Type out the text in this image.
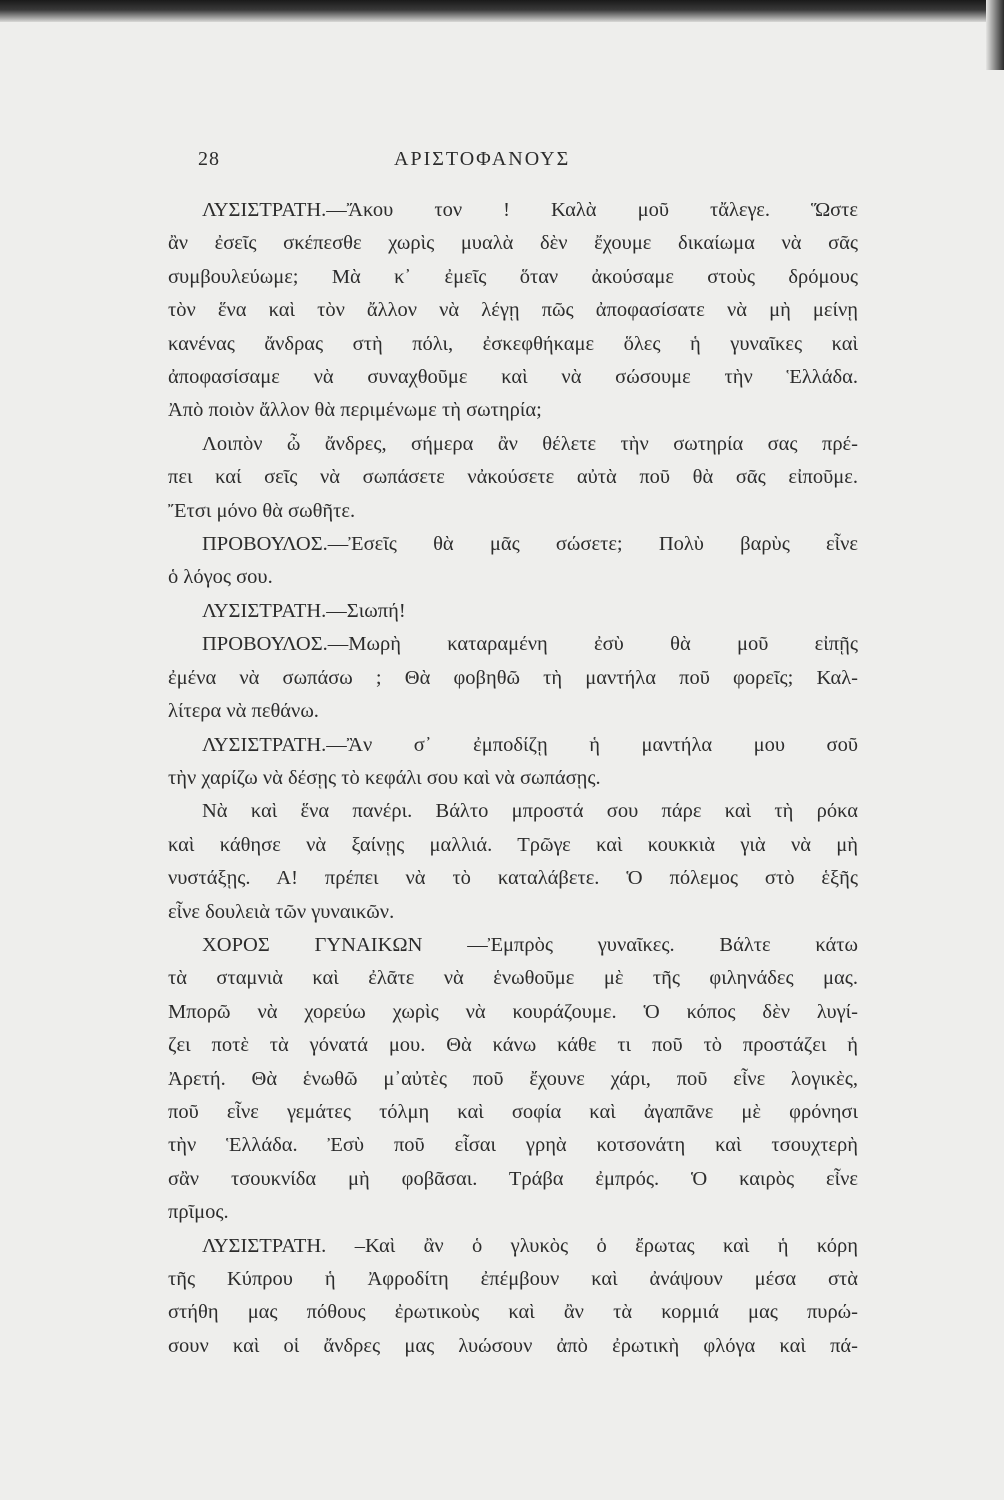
28	ΑΡΙΣΤΟΦΑΝΟΥΣ
ΛΥΣΙΣΤΡΑΤΗ.—Ἄκου τον ! Καλὰ μοῦ τἄλεγε. Ὥστε
ἂν ἐσεῖς σκέπεσθε χωρὶς μυαλὰ δὲν ἔχουμε δικαίωμα νὰ σᾶς
συμβουλεύωμε; Μὰ κ᾽ ἐμεῖς ὅταν ἀκούσαμε στοὺς δρόμους
τὸν ἕνα καὶ τὸν ἄλλον νὰ λέγῃ πῶς ἀποφασίσατε νὰ μὴ μείνῃ
κανένας ἄνδρας στὴ πόλι, ἐσκεφθήκαμε ὅλες ἡ γυναῖκες καὶ
ἀποφασίσαμε νὰ συναχθοῦμε καὶ νὰ σώσουμε τὴν Ἑλλάδα.
Ἀπὸ ποιὸν ἄλλον θὰ περιμένωμε τὴ σωτηρία;
Λοιπὸν ὦ ἄνδρες, σήμερα ἂν θέλετε τὴν σωτηρία σας πρέ-
πει καί σεῖς νὰ σωπάσετε νἀκούσετε αὐτὰ ποῦ θὰ σᾶς εἰποῦμε.
Ἔτσι μόνο θὰ σωθῆτε.
ΠΡΟΒΟΥΛΟΣ.—Ἐσεῖς θὰ μᾶς σώσετε; Πολὺ βαρὺς εἶνε
ὁ λόγος σου.
ΛΥΣΙΣΤΡΑΤΗ.—Σιωπή!
ΠΡΟΒΟΥΛΟΣ.—Μωρὴ καταραμένη ἐσὺ θὰ μοῦ εἰπῇς
ἐμένα νὰ σωπάσω ; Θὰ φοβηθῶ τὴ μαντήλα ποῦ φορεῖς; Καλ-
λίτερα νὰ πεθάνω.
ΛΥΣΙΣΤΡΑΤΗ.—Ἂν σ᾽ ἐμποδίζῃ ἡ μαντήλα μου σοῦ
τὴν χαρίζω νὰ δέσῃς τὸ κεφάλι σου καὶ νὰ σωπάσῃς.
Νὰ καὶ ἕνα πανέρι. Βάλτο μπροστά σου πάρε καὶ τὴ ρόκα
καὶ κάθησε νὰ ξαίνῃς μαλλιά. Τρῶγε καὶ κουκκιὰ γιὰ νὰ μὴ
νυστάξῃς. Α! πρέπει νὰ τὸ καταλάβετε. Ὁ πόλεμος στὸ ἑξῆς
εἶνε δουλειὰ τῶν γυναικῶν.
ΧΟΡΟΣ ΓΥΝΑΙΚΩΝ —Ἐμπρὸς γυναῖκες. Βάλτε κάτω
τὰ σταμνιὰ καὶ ἐλᾶτε νὰ ἑνωθοῦμε μὲ τῆς φιληνάδες μας.
Μπορῶ νὰ χορεύω χωρὶς νὰ κουράζουμε. Ὁ κόπος δὲν λυγί-
ζει ποτὲ τὰ γόνατά μου. Θὰ κάνω κάθε τι ποῦ τὸ προστάζει ἡ
Ἀρετή. Θὰ ἑνωθῶ μ᾽αὐτὲς ποῦ ἔχουνε χάρι, ποῦ εἶνε λογικὲς,
ποῦ εἶνε γεμάτες τόλμη καὶ σοφία καὶ ἀγαπᾶνε μὲ φρόνησι
τὴν Ἑλλάδα. Ἐσὺ ποῦ εἶσαι γρηὰ κοτσονάτη καὶ τσουχτερὴ
σἂν τσουκνίδα μὴ φοβᾶσαι. Τράβα ἐμπρός. Ὁ καιρὸς εἶνε
πρῖμος.
ΛΥΣΙΣΤΡΑΤΗ. –Καὶ ἂν ὁ γλυκὸς ὁ ἔρωτας καὶ ἡ κόρη
τῆς Κύπρου ἡ Ἀφροδίτη ἐπέμβουν καὶ ἀνάψουν μέσα στὰ
στήθη μας πόθους ἐρωτικοὺς καὶ ἂν τὰ κορμιά μας πυρώ-
σουν καὶ οἱ ἄνδρες μας λυώσουν ἀπὸ ἐρωτικὴ φλόγα καὶ πά-
